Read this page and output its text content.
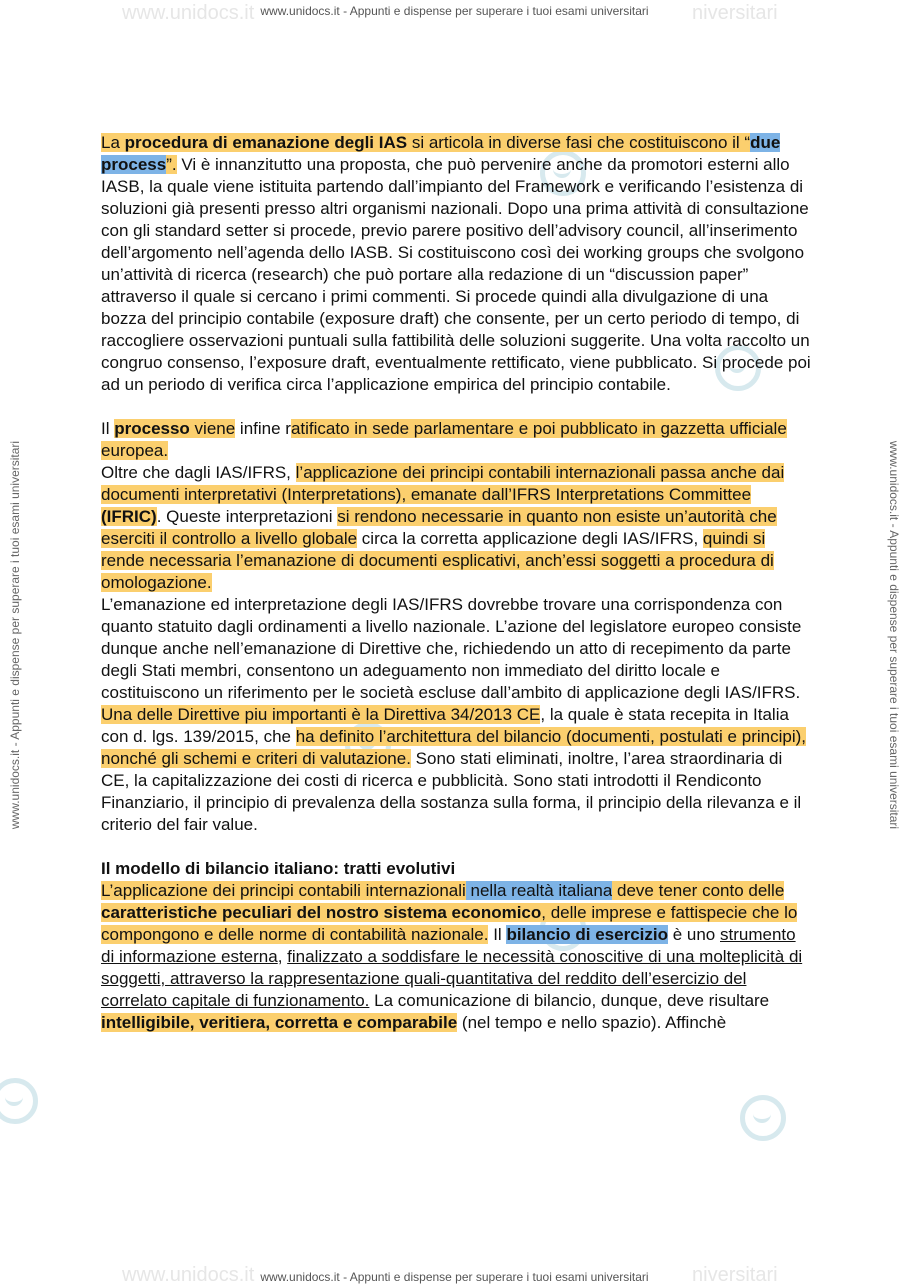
www.unidocs.it	niversitari
www.unidocs.it	niversitari
www.unidocs.it - Appunti e dispense per superare i tuoi esami universitari
www.unidocs.it - Appunti e dispense per superare i tuoi esami universitari
www.unidocs.it - Appunti e dispense per superare i tuoi esami universitari	www.unidocs.it - Appunti e dispense per superare i tuoi esami universitari

La procedura di emanazione degli IAS si articola in diverse fasi che costituiscono il “due process”. Vi è innanzitutto una proposta, che può pervenire anche da promotori esterni allo IASB, la quale viene istituita partendo dall’impianto del Framework e verificando l’esistenza di soluzioni già presenti presso altri organismi nazionali. Dopo una prima attività di consultazione con gli standard setter si procede, previo parere positivo dell’advisory council, all’inserimento dell’argomento nell’agenda dello IASB. Si costituiscono così dei working groups che svolgono un’attività di ricerca (research) che può portare alla redazione di un “discussion paper” attraverso il quale si cercano i primi commenti. Si procede quindi alla divulgazione di una bozza del principio contabile (exposure draft) che consente, per un certo periodo di tempo, di raccogliere osservazioni puntuali sulla fattibilità delle soluzioni suggerite. Una volta raccolto un congruo consenso, l’exposure draft, eventualmente rettificato, viene pubblicato. Si procede poi ad un periodo di verifica circa l’applicazione empirica del principio contabile.

Il processo viene infine ratificato in sede parlamentare e poi pubblicato in gazzetta ufficiale europea.

Oltre che dagli IAS/IFRS, l’applicazione dei principi contabili internazionali passa anche dai documenti interpretativi (Interpretations), emanate dall’IFRS Interpretations Committee (IFRIC). Queste interpretazioni si rendono necessarie in quanto non esiste un’autorità che eserciti il controllo a livello globale circa la corretta applicazione degli IAS/IFRS, quindi si rende necessaria l’emanazione di documenti esplicativi, anch’essi soggetti a procedura di omologazione.

L’emanazione ed interpretazione degli IAS/IFRS dovrebbe trovare una corrispondenza con quanto statuito dagli ordinamenti a livello nazionale. L’azione del legislatore europeo consiste dunque anche nell’emanazione di Direttive che, richiedendo un atto di recepimento da parte degli Stati membri, consentono un adeguamento non immediato del diritto locale e costituiscono un riferimento per le società escluse dall’ambito di applicazione degli IAS/IFRS.

Una delle Direttive piu importanti è la Direttiva 34/2013 CE, la quale è stata recepita in Italia con d. lgs. 139/2015, che ha definito l’architettura del bilancio (documenti, postulati e principi), nonché gli schemi e criteri di valutazione. Sono stati eliminati, inoltre, l’area straordinaria di CE, la capitalizzazione dei costi di ricerca e pubblicità. Sono stati introdotti il Rendiconto Finanziario, il principio di prevalenza della sostanza sulla forma, il principio della rilevanza e il criterio del fair value.

Il modello di bilancio italiano: tratti evolutivi

L’applicazione dei principi contabili internazionali nella realtà italiana deve tener conto delle caratteristiche peculiari del nostro sistema economico, delle imprese e fattispecie che lo compongono e delle norme di contabilità nazionale. Il bilancio di esercizio è uno strumento di informazione esterna, finalizzato a soddisfare le necessità conoscitive di una molteplicità di soggetti, attraverso la rappresentazione quali-quantitativa del reddito dell’esercizio del correlato capitale di funzionamento. La comunicazione di bilancio, dunque, deve risultare intelligibile, veritiera, corretta e comparabile (nel tempo e nello spazio). Affinchè
